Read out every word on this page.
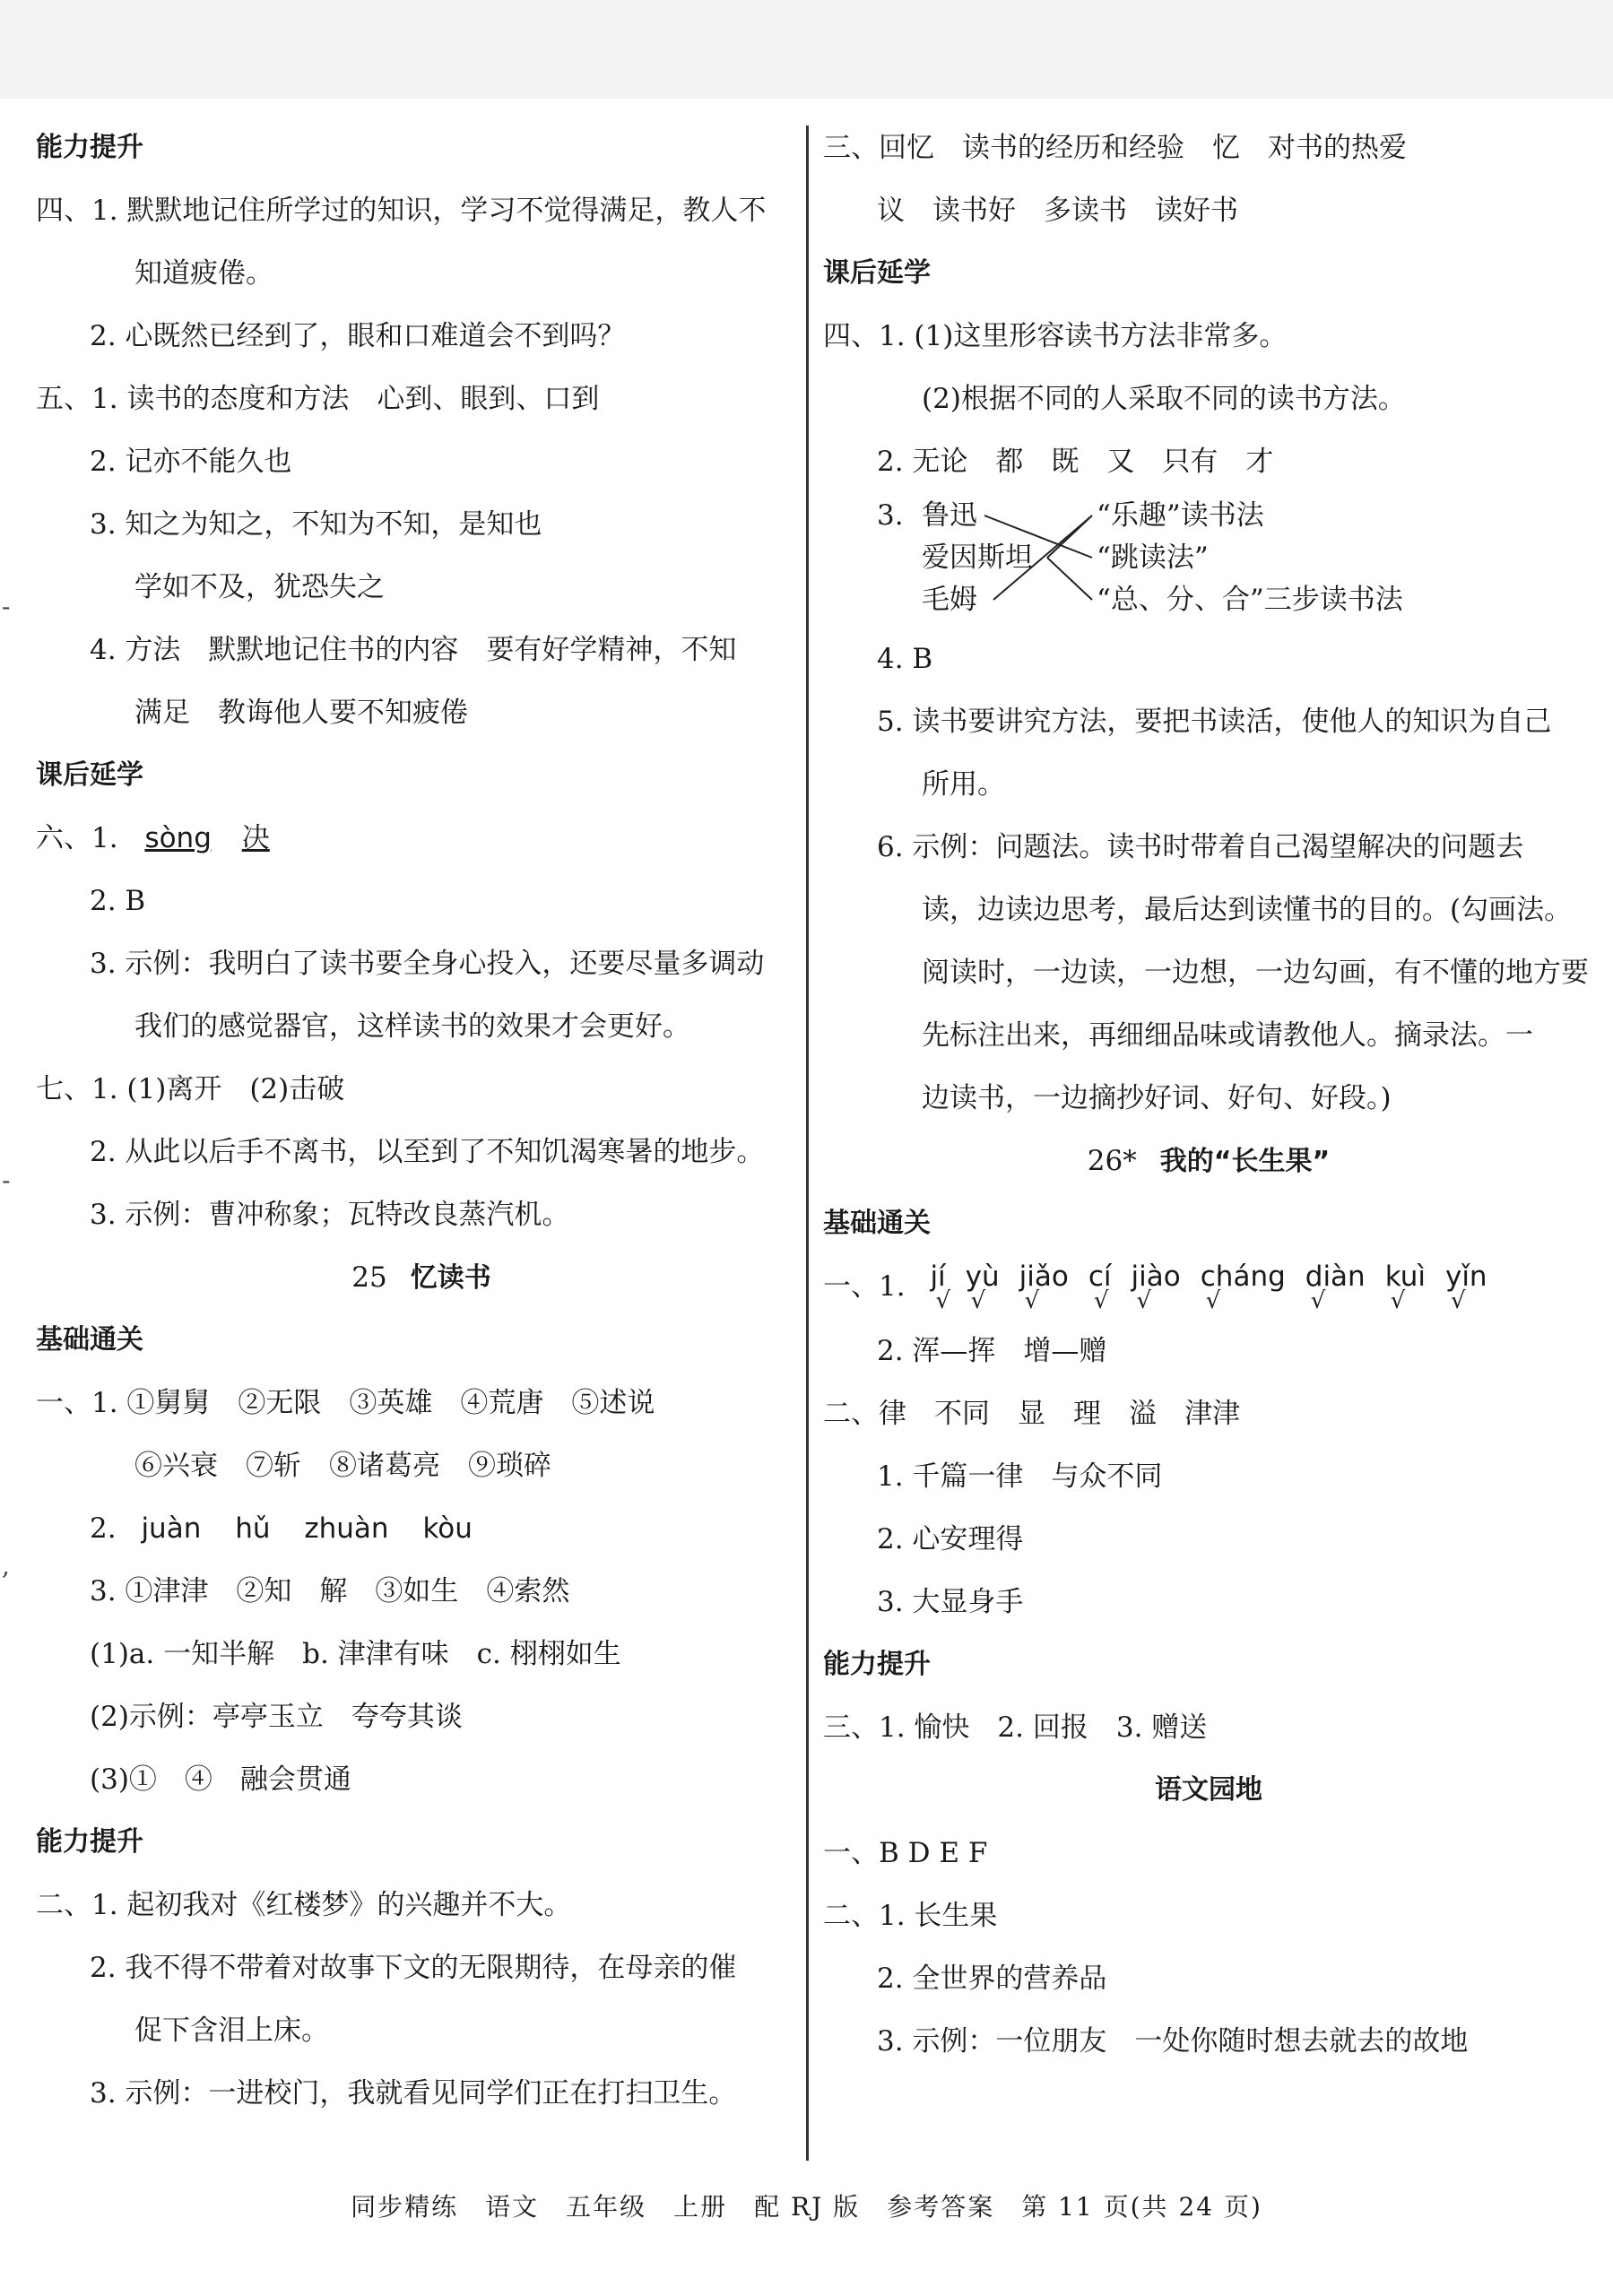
-
-
,
能力提升
四、1. 默默地记住所学过的知识，学习不觉得满足，教人不
知道疲倦。
2. 心既然已经到了，眼和口难道会不到吗？
五、1. 读书的态度和方法　心到、眼到、口到
2. 记亦不能久也
3. 知之为知之，不知为不知，是知也
学如不及，犹恐失之
4. 方法　默默地记住书的内容　要有好学精神，不知
满足　教诲他人要不知疲倦
课后延学
六、1. sòng 决
2. B
3. 示例：我明白了读书要全身心投入，还要尽量多调动
我们的感觉器官，这样读书的效果才会更好。
七、1. (1)离开　(2)击破
2. 从此以后手不离书，以至到了不知饥渴寒暑的地步。
3. 示例：曹冲称象；瓦特改良蒸汽机。
25 忆读书
基础通关
一、1. ①舅舅　②无限　③英雄　④荒唐　⑤述说
⑥兴衰　⑦斩　⑧诸葛亮　⑨琐碎
2. juàn hǔ zhuàn kòu
3. ①津津　②知　解　③如生　④索然
(1)a. 一知半解　b. 津津有味　c. 栩栩如生
(2)示例：亭亭玉立　夸夸其谈
(3)①　④　融会贯通
能力提升
二、1. 起初我对《红楼梦》的兴趣并不大。
2. 我不得不带着对故事下文的无限期待，在母亲的催
促下含泪上床。
3. 示例：一进校门，我就看见同学们正在打扫卫生。
三、回忆　读书的经历和经验　忆　对书的热爱
议　读书好　多读书　读好书
课后延学
四、1. (1)这里形容读书方法非常多。
(2)根据不同的人采取不同的读书方法。
2. 无论　都　既　又　只有　才
3. 鲁迅
爱因斯坦
毛姆
“乐趣”读书法
“跳读法”
“总、分、合”三步读书法
4. B
5. 读书要讲究方法，要把书读活，使他人的知识为自己
所用。
6. 示例：问题法。读书时带着自己渴望解决的问题去
读，边读边思考，最后达到读懂书的目的。(勾画法。
阅读时，一边读，一边想，一边勾画，有不懂的地方要
先标注出来，再细细品味或请教他人。摘录法。一
边读书，一边摘抄好词、好句、好段。)
26* 我的“长生果”
基础通关
一、1. jí
√
yù
√
jiǎo
√
cí
√
jiào
√
cháng
√
diàn
√
kuì
√
yǐn
√
2. 浑—挥　增—赠
二、律　不同　显　理　溢　津津
1. 千篇一律　与众不同
2. 心安理得
3. 大显身手
能力提升
三、1. 愉快　2. 回报　3. 赠送
语文园地
一、B D E F
二、1. 长生果
2. 全世界的营养品
3. 示例：一位朋友　一处你随时想去就去的故地
同步精练　语文　五年级　上册　配 RJ 版　参考答案　第 11 页(共 24 页)
